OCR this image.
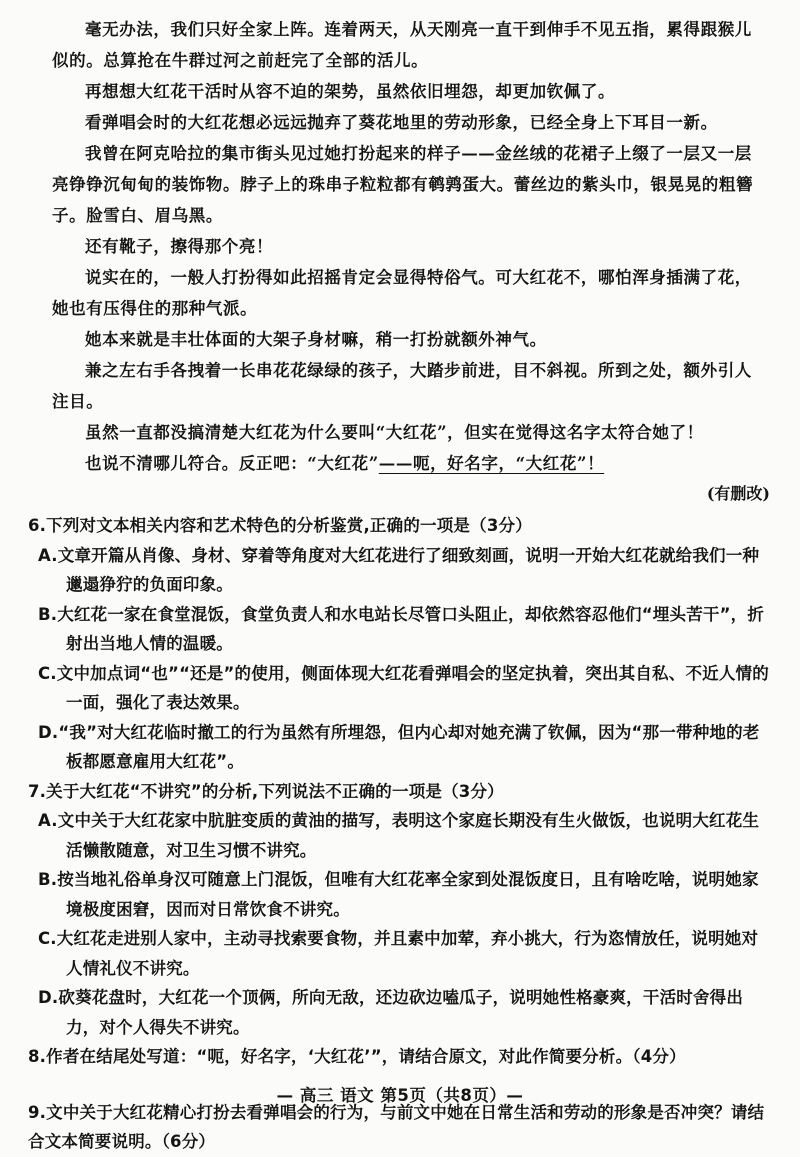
毫无办法，我们只好全家上阵。连着两天，从天刚亮一直干到伸手不见五指，累得跟猴儿似的。总算抢在牛群过河之前赶完了全部的活儿。

再想想大红花干活时从容不迫的架势，虽然依旧埋怨，却更加钦佩了。

看弹唱会时的大红花想必远远抛弃了葵花地里的劳动形象，已经全身上下耳目一新。

我曾在阿克哈拉的集市街头见过她打扮起来的样子——金丝绒的花裙子上缀了一层又一层亮铮铮沉甸甸的装饰物。脖子上的珠串子粒粒都有鹌鹑蛋大。蕾丝边的紫头巾，银晃晃的粗簪子。脸雪白、眉乌黑。

还有靴子，擦得那个亮！

说实在的，一般人打扮得如此招摇肯定会显得特俗气。可大红花不，哪怕浑身插满了花，她也有压得住的那种气派。

她本来就是丰壮体面的大架子身材嘛，稍一打扮就额外神气。

兼之左右手各拽着一长串花花绿绿的孩子，大踏步前进，目不斜视。所到之处，额外引人注目。

虽然一直都没搞清楚大红花为什么要叫“大红花”，但实在觉得这名字太符合她了！

也说不清哪儿符合。反正吧：“大红花”——呃，好名字，“大红花”！

(有删改)

6.下列对文本相关内容和艺术特色的分析鉴赏,正确的一项是（3分）
A.文章开篇从肖像、身材、穿着等角度对大红花进行了细致刻画，说明一开始大红花就给我们一种邋遢狰狞的负面印象。
B.大红花一家在食堂混饭，食堂负责人和水电站长尽管口头阻止，却依然容忍他们“埋头苦干”，折射出当地人情的温暖。
C.文中加点词“也”“还是”的使用，侧面体现大红花看弹唱会的坚定执着，突出其自私、不近人情的一面，强化了表达效果。
D.“我”对大红花临时撤工的行为虽然有所埋怨，但内心却对她充满了钦佩，因为“那一带种地的老板都愿意雇用大红花”。
7.关于大红花“不讲究”的分析,下列说法不正确的一项是（3分）
A.文中关于大红花家中肮脏变质的黄油的描写，表明这个家庭长期没有生火做饭，也说明大红花生活懒散随意，对卫生习惯不讲究。
B.按当地礼俗单身汉可随意上门混饭，但唯有大红花率全家到处混饭度日，且有啥吃啥，说明她家境极度困窘，因而对日常饮食不讲究。
C.大红花走进别人家中，主动寻找索要食物，并且素中加荤，弃小挑大，行为恣情放任，说明她对人情礼仪不讲究。
D.砍葵花盘时，大红花一个顶俩，所向无敌，还边砍边嗑瓜子，说明她性格豪爽，干活时舍得出力，对个人得失不讲究。
8.作者在结尾处写道：“呃，好名字，‘大红花’”，请结合原文，对此作简要分析。（4分）
9.文中关于大红花精心打扮去看弹唱会的行为，与前文中她在日常生活和劳动的形象是否冲突？请结合文本简要说明。（6分）
— 高三 语文 第5页（共8页）—
